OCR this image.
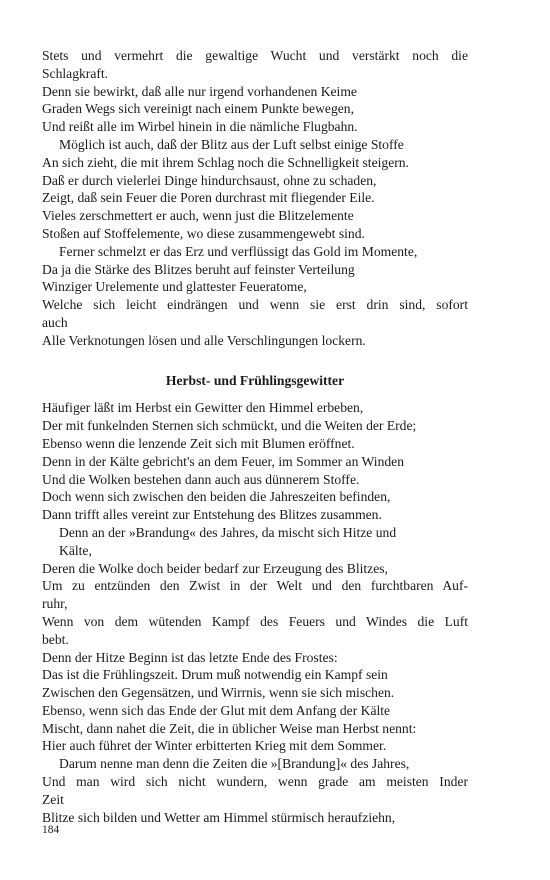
Stets und vermehrt die gewaltige Wucht und verstärkt noch die
Schlagkraft.
Denn sie bewirkt, daß alle nur irgend vorhandenen Keime
Graden Wegs sich vereinigt nach einem Punkte bewegen,
Und reißt alle im Wirbel hinein in die nämliche Flugbahn.
Möglich ist auch, daß der Blitz aus der Luft selbst einige Stoffe
An sich zieht, die mit ihrem Schlag noch die Schnelligkeit steigern.
Daß er durch vielerlei Dinge hindurchsaust, ohne zu schaden,
Zeigt, daß sein Feuer die Poren durchrast mit fliegender Eile.
Vieles zerschmettert er auch, wenn just die Blitzelemente
Stoßen auf Stoffelemente, wo diese zusammengewebt sind.
Ferner schmelzt er das Erz und verflüssigt das Gold im Momente,
Da ja die Stärke des Blitzes beruht auf feinster Verteilung
Winziger Urelemente und glattester Feueratome,
Welche sich leicht eindrängen und wenn sie erst drin sind, sofort
auch
Alle Verknotungen lösen und alle Verschlingungen lockern.
Herbst- und Frühlingsgewitter
Häufiger läßt im Herbst ein Gewitter den Himmel erbeben,
Der mit funkelnden Sternen sich schmückt, und die Weiten der Erde;
Ebenso wenn die lenzende Zeit sich mit Blumen eröffnet.
Denn in der Kälte gebricht's an dem Feuer, im Sommer an Winden
Und die Wolken bestehen dann auch aus dünnerem Stoffe.
Doch wenn sich zwischen den beiden die Jahreszeiten befinden,
Dann trifft alles vereint zur Entstehung des Blitzes zusammen.
Denn an der »Brandung« des Jahres, da mischt sich Hitze und
Kälte,
Deren die Wolke doch beider bedarf zur Erzeugung des Blitzes,
Um zu entzünden den Zwist in der Welt und den furchtbaren Auf-
ruhr,
Wenn von dem wütenden Kampf des Feuers und Windes die Luft
bebt.
Denn der Hitze Beginn ist das letzte Ende des Frostes:
Das ist die Frühlingszeit. Drum muß notwendig ein Kampf sein
Zwischen den Gegensätzen, und Wirrnis, wenn sie sich mischen.
Ebenso, wenn sich das Ende der Glut mit dem Anfang der Kälte
Mischt, dann nahet die Zeit, die in üblicher Weise man Herbst nennt:
Hier auch führet der Winter erbitterten Krieg mit dem Sommer.
Darum nenne man denn die Zeiten die »[Brandung]« des Jahres,
Und man wird sich nicht wundern, wenn grade am meisten Inder
Zeit
Blitze sich bilden und Wetter am Himmel stürmisch heraufziehn,
184
